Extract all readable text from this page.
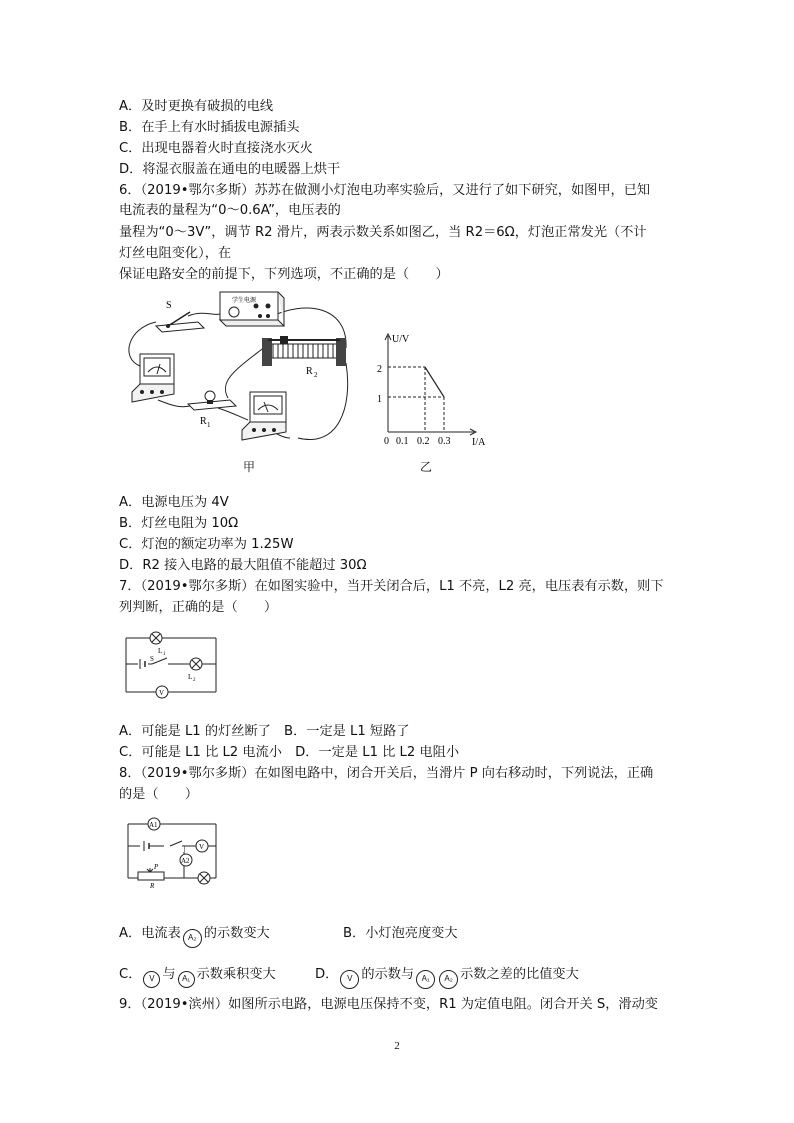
A．及时更换有破损的电线
B．在手上有水时插拔电源插头
C．出现电器着火时直接浇水灭火
D．将湿衣服盖在通电的电暖器上烘干
6．（2019•鄂尔多斯）苏苏在做测小灯泡电功率实验后，又进行了如下研究，如图甲，已知
电流表的量程为“0～0.6A”，电压表的
量程为“0～3V”，调节 R2 滑片，两表示数关系如图乙，当 R2＝6Ω，灯泡正常发光（不计
灯丝电阻变化），在
保证电路安全的前提下，下列选项，不正确的是（　　）
S	学生电源
R 2
R 1
甲
U/V
I/A
0 0.1 0.2 0.3
1
2
乙
A．电源电压为 4V
B．灯丝电阻为 10Ω
C．灯泡的额定功率为 1.25W
D．R2 接入电路的最大阻值不能超过 30Ω
7．（2019•鄂尔多斯）在如图实验中，当开关闭合后，L1 不亮，L2 亮，电压表有示数，则下
列判断，正确的是（　　）
L 1
S
L 2
V
A．可能是 L1 的灯丝断了　B．一定是 L1 短路了
C．可能是 L1 比 L2 电流小　D．一定是 L1 比 L2 电阻小
8．（2019•鄂尔多斯）在如图电路中，闭合开关后，当滑片 P 向右移动时，下列说法，正确
的是（　　）
A1
V
A2
P
R
A．电流表 A₂ 的示数变大	B．小灯泡亮度变大
C． V 与 A₁ 示数乘积变大	D． V 的示数与 A₁ A₂ 示数之差的比值变大
9．（2019•滨州）如图所示电路，电源电压保持不变，R1 为定值电阻。闭合开关 S，滑动变
2
